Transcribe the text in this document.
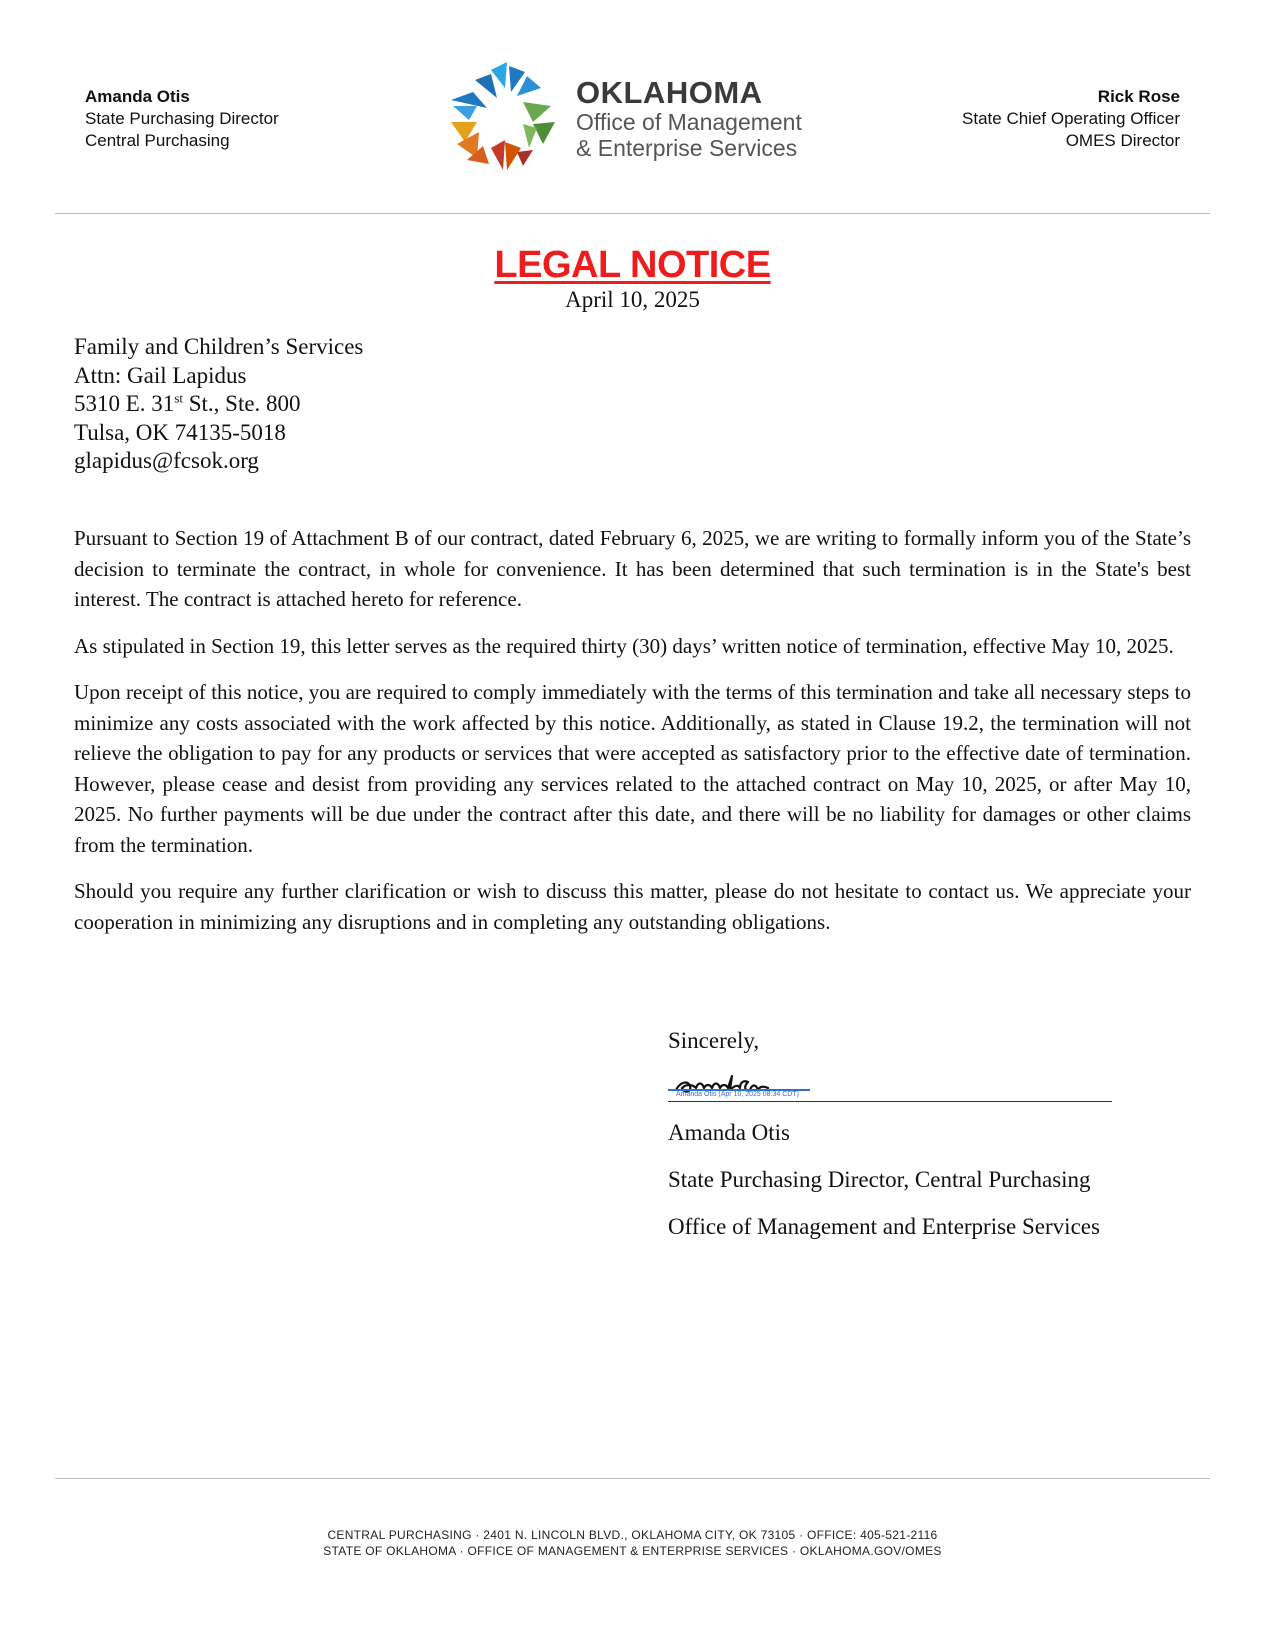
Amanda Otis
State Purchasing Director
Central Purchasing
OKLAHOMA
Office of Management
& Enterprise Services
Rick Rose
State Chief Operating Officer
OMES Director
LEGAL NOTICE
April 10, 2025
Family and Children’s Services
Attn: Gail Lapidus
5310 E. 31st St., Ste. 800
Tulsa, OK 74135-5018
glapidus@fcsok.org

Pursuant to Section 19 of Attachment B of our contract, dated February 6, 2025, we are writing to formally inform you of the State’s decision to terminate the contract, in whole for convenience. It has been determined that such termination is in the State's best interest. The contract is attached hereto for reference.

As stipulated in Section 19, this letter serves as the required thirty (30) days’ written notice of termination, effective May 10, 2025.

Upon receipt of this notice, you are required to comply immediately with the terms of this termination and take all necessary steps to minimize any costs associated with the work affected by this notice. Additionally, as stated in Clause 19.2, the termination will not relieve the obligation to pay for any products or services that were accepted as satisfactory prior to the effective date of termination. However, please cease and desist from providing any services related to the attached contract on May 10, 2025, or after May 10, 2025. No further payments will be due under the contract after this date, and there will be no liability for damages or other claims from the termination.

Should you require any further clarification or wish to discuss this matter, please do not hesitate to contact us. We appreciate your cooperation in minimizing any disruptions and in completing any outstanding obligations.

Sincerely,
Amanda Otis (Apr 10, 2025 08:34 CDT)
Amanda Otis
State Purchasing Director, Central Purchasing
Office of Management and Enterprise Services
CENTRAL PURCHASING · 2401 N. LINCOLN BLVD., OKLAHOMA CITY, OK 73105 · OFFICE: 405-521-2116
STATE OF OKLAHOMA · OFFICE OF MANAGEMENT & ENTERPRISE SERVICES · OKLAHOMA.GOV/OMES
